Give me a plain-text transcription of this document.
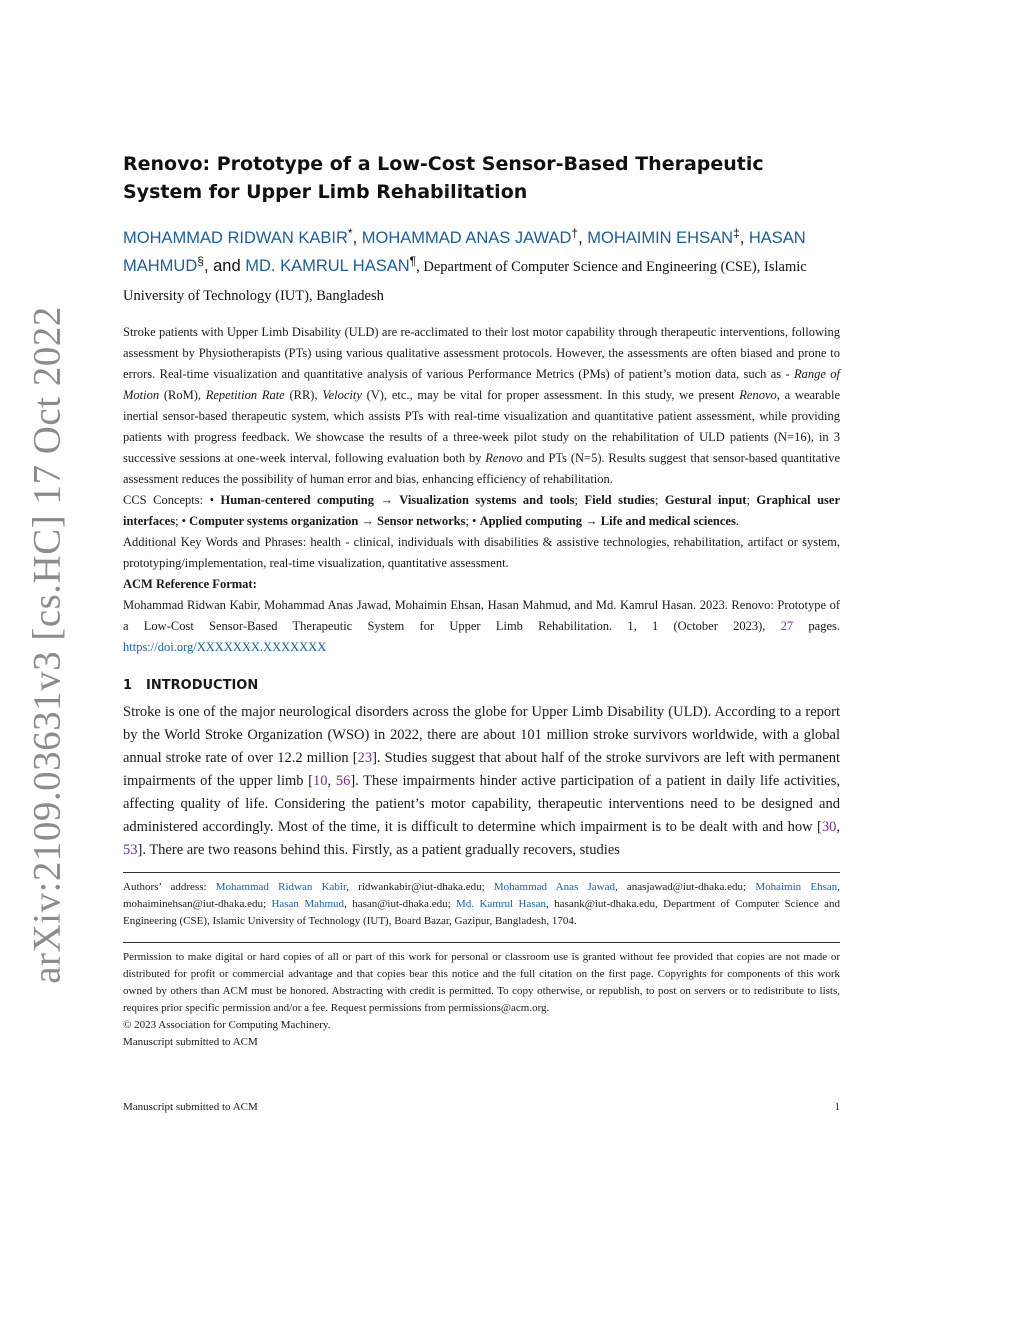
arXiv:2109.03631v3 [cs.HC] 17 Oct 2022
Renovo: Prototype of a Low-Cost Sensor-Based Therapeutic System for Upper Limb Rehabilitation
MOHAMMAD RIDWAN KABIR*, MOHAMMAD ANAS JAWAD†, MOHAIMIN EHSAN‡, HASAN MAHMUD§, and MD. KAMRUL HASAN¶, Department of Computer Science and Engineering (CSE), Islamic University of Technology (IUT), Bangladesh

Stroke patients with Upper Limb Disability (ULD) are re-acclimated to their lost motor capability through therapeutic interventions, following assessment by Physiotherapists (PTs) using various qualitative assessment protocols. However, the assessments are often biased and prone to errors. Real-time visualization and quantitative analysis of various Performance Metrics (PMs) of patient’s motion data, such as - Range of Motion (RoM), Repetition Rate (RR), Velocity (V), etc., may be vital for proper assessment. In this study, we present Renovo, a wearable inertial sensor-based therapeutic system, which assists PTs with real-time visualization and quantitative patient assessment, while providing patients with progress feedback. We showcase the results of a three-week pilot study on the rehabilitation of ULD patients (N=16), in 3 successive sessions at one-week interval, following evaluation both by Renovo and PTs (N=5). Results suggest that sensor-based quantitative assessment reduces the possibility of human error and bias, enhancing efficiency of rehabilitation.

CCS Concepts: • Human-centered computing → Visualization systems and tools; Field studies; Gestural input; Graphical user interfaces; • Computer systems organization → Sensor networks; • Applied computing → Life and medical sciences.

Additional Key Words and Phrases: health - clinical, individuals with disabilities & assistive technologies, rehabilitation, artifact or system, prototyping/implementation, real-time visualization, quantitative assessment.

ACM Reference Format:

Mohammad Ridwan Kabir, Mohammad Anas Jawad, Mohaimin Ehsan, Hasan Mahmud, and Md. Kamrul Hasan. 2023. Renovo: Prototype of a Low-Cost Sensor-Based Therapeutic System for Upper Limb Rehabilitation. 1, 1 (October 2023), 27 pages. https://doi.org/XXXXXXX.XXXXXXX

1 INTRODUCTION

Stroke is one of the major neurological disorders across the globe for Upper Limb Disability (ULD). According to a report by the World Stroke Organization (WSO) in 2022, there are about 101 million stroke survivors worldwide, with a global annual stroke rate of over 12.2 million [23]. Studies suggest that about half of the stroke survivors are left with permanent impairments of the upper limb [10, 56]. These impairments hinder active participation of a patient in daily life activities, affecting quality of life. Considering the patient’s motor capability, therapeutic interventions need to be designed and administered accordingly. Most of the time, it is difficult to determine which impairment is to be dealt with and how [30, 53]. There are two reasons behind this. Firstly, as a patient gradually recovers, studies

Authors’ address: Mohammad Ridwan Kabir, ridwankabir@iut-dhaka.edu; Mohammad Anas Jawad, anasjawad@iut-dhaka.edu; Mohaimin Ehsan, mohaiminehsan@iut-dhaka.edu; Hasan Mahmud, hasan@iut-dhaka.edu; Md. Kamrul Hasan, hasank@iut-dhaka.edu, Department of Computer Science and Engineering (CSE), Islamic University of Technology (IUT), Board Bazar, Gazipur, Bangladesh, 1704.

Permission to make digital or hard copies of all or part of this work for personal or classroom use is granted without fee provided that copies are not made or distributed for profit or commercial advantage and that copies bear this notice and the full citation on the first page. Copyrights for components of this work owned by others than ACM must be honored. Abstracting with credit is permitted. To copy otherwise, or republish, to post on servers or to redistribute to lists, requires prior specific permission and/or a fee. Request permissions from permissions@acm.org.

© 2023 Association for Computing Machinery.

Manuscript submitted to ACM

Manuscript submitted to ACM	1
